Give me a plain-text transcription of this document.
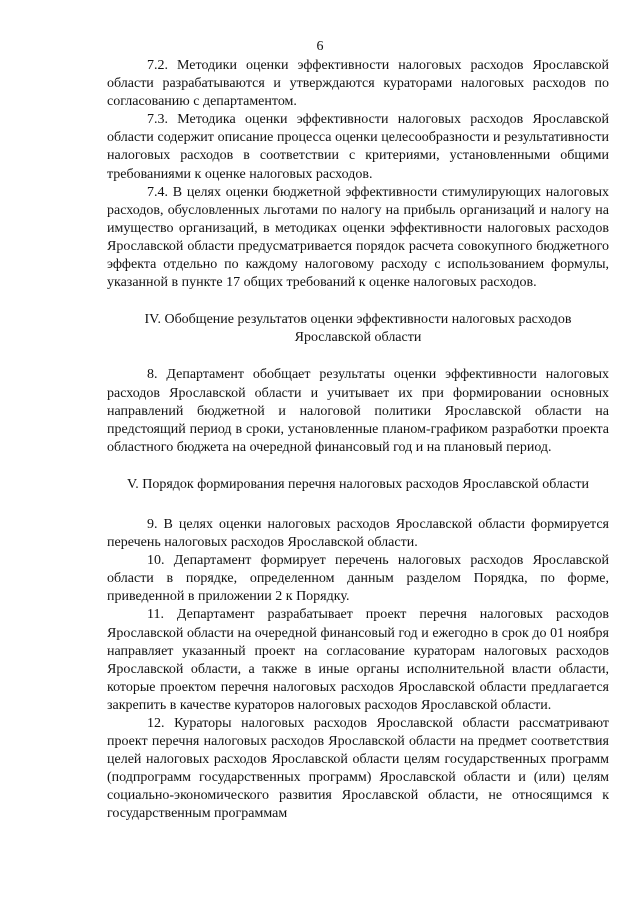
6

7.2. Методики оценки эффективности налоговых расходов Ярославской области разрабатываются и утверждаются кураторами налоговых расходов по согласованию с департаментом.

7.3. Методика оценки эффективности налоговых расходов Ярославской области содержит описание процесса оценки целесообразности и результативности налоговых расходов в соответствии с критериями, установленными общими требованиями к оценке налоговых расходов.

7.4. В целях оценки бюджетной эффективности стимулирующих налоговых расходов, обусловленных льготами по налогу на прибыль организаций и налогу на имущество организаций, в методиках оценки эффективности налоговых расходов Ярославской области предусматривается порядок расчета совокупного бюджетного эффекта отдельно по каждому налоговому расходу с использованием формулы, указанной в пункте 17 общих требований к оценке налоговых расходов.

IV. Обобщение результатов оценки эффективности налоговых расходов Ярославской области

8. Департамент обобщает результаты оценки эффективности налоговых расходов Ярославской области и учитывает их при формировании основных направлений бюджетной и налоговой политики Ярославской области на предстоящий период в сроки, установленные планом-графиком разработки проекта областного бюджета на очередной финансовый год и на плановый период.

V. Порядок формирования перечня налоговых расходов Ярославской области

9. В целях оценки налоговых расходов Ярославской области формируется перечень налоговых расходов Ярославской области.

10. Департамент формирует перечень налоговых расходов Ярославской области в порядке, определенном данным разделом Порядка, по форме, приведенной в приложении 2 к Порядку.

11. Департамент разрабатывает проект перечня налоговых расходов Ярославской области на очередной финансовый год и ежегодно в срок до 01 ноября направляет указанный проект на согласование кураторам налоговых расходов Ярославской области, а также в иные органы исполнительной власти области, которые проектом перечня налоговых расходов Ярославской области предлагается закрепить в качестве кураторов налоговых расходов Ярославской области.

12. Кураторы налоговых расходов Ярославской области рассматривают проект перечня налоговых расходов Ярославской области на предмет соответствия целей налоговых расходов Ярославской области целям государственных программ (подпрограмм государственных программ) Ярославской области и (или) целям социально-экономического развития Ярославской области, не относящимся к государственным программам
